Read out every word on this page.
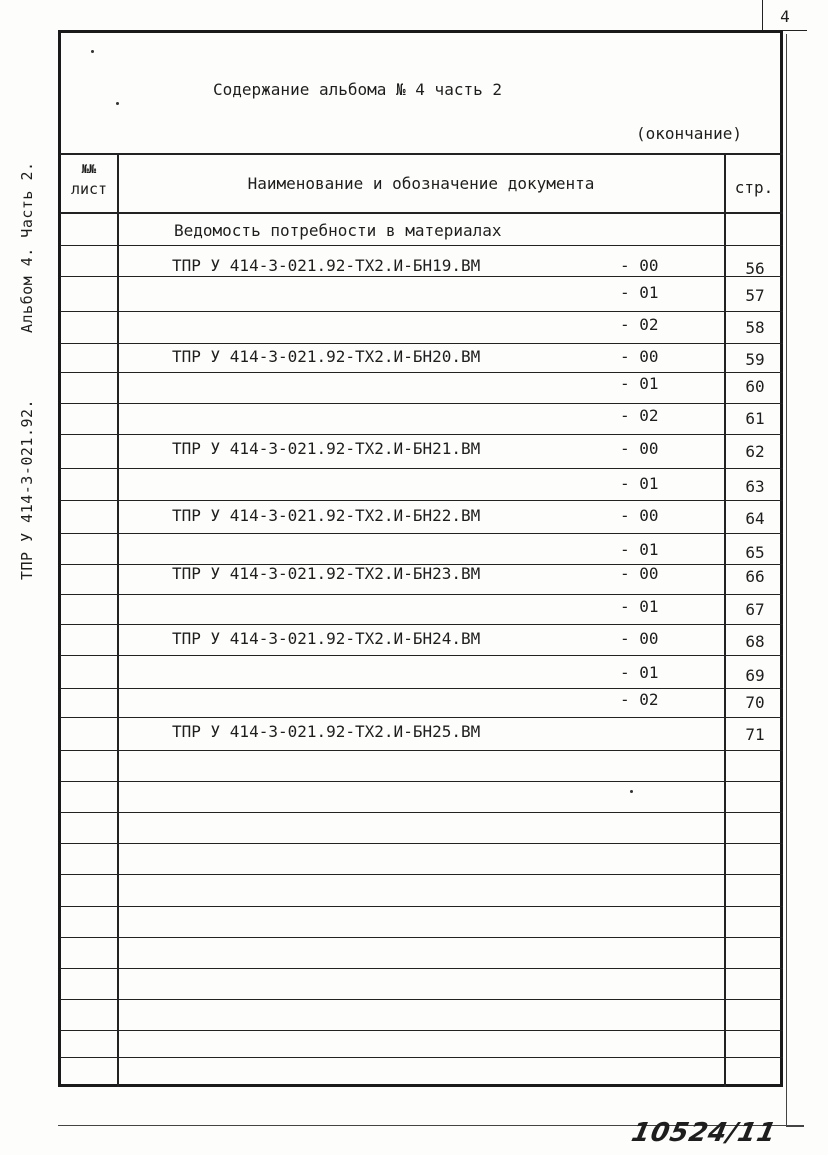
4
Альбом 4. Часть 2.
ТПР У 414-3-021.92.
Содержание альбома № 4 часть 2
(окончание)
№№
лист	Наименование и обозначение документа	стр.
Ведомость потребности в материалах
ТПР У 414-3-021.92-ТХ2.И-БН19.ВМ	- 00	56
- 01	57
- 02	58
ТПР У 414-3-021.92-ТХ2.И-БН20.ВМ	- 00	59
- 01	60
- 02	61
ТПР У 414-3-021.92-ТХ2.И-БН21.ВМ	- 00	62
- 01	63
ТПР У 414-3-021.92-ТХ2.И-БН22.ВМ	- 00	64
- 01	65
ТПР У 414-3-021.92-ТХ2.И-БН23.ВМ	- 00	66
- 01	67
ТПР У 414-3-021.92-ТХ2.И-БН24.ВМ	- 00	68
- 01	69
- 02	70
ТПР У 414-3-021.92-ТХ2.И-БН25.ВМ	71
10524/11
